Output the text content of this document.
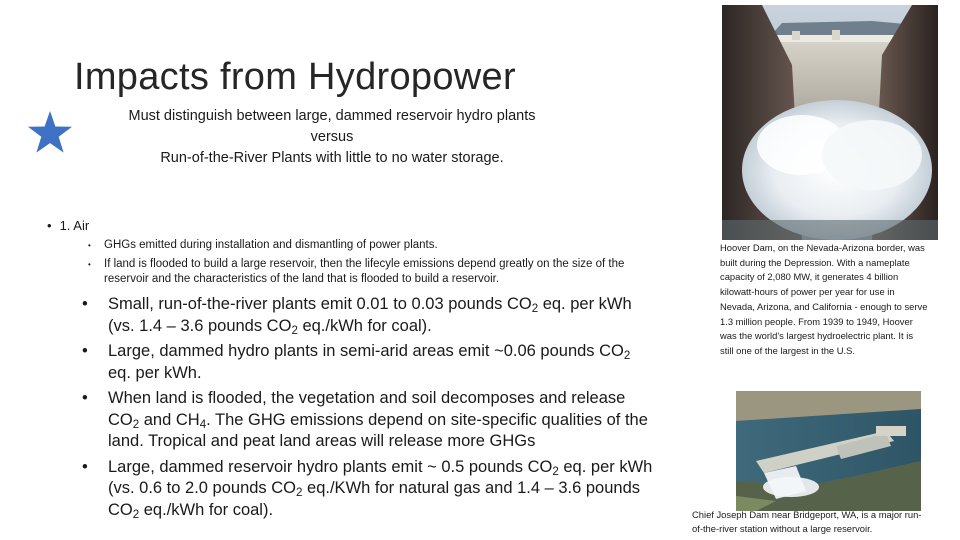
Impacts from Hydropower
Must distinguish between large, dammed reservoir hydro plants
versus
Run-of-the-River Plants with little to no water storage.
• 1. Air
• GHGs emitted during installation and dismantling of power plants.
• If land is flooded to build a large reservoir, then the lifecyle emissions depend greatly on the size of the reservoir and the characteristics of the land that is flooded to build a reservoir.
• Small, run-of-the-river plants emit 0.01 to 0.03 pounds $CO_2$ eq. per kWh (vs. 1.4 – 3.6 pounds $CO_2$ eq./kWh for coal).
• Large, dammed hydro plants in semi-arid areas emit ~0.06 pounds $CO_2$ eq. per kWh.
• When land is flooded, the vegetation and soil decomposes and release $CO_2$ and $CH_4$. The GHG emissions depend on site-specific qualities of the land. Tropical and peat land areas will release more GHGs
• Large, dammed reservoir hydro plants emit ~ 0.5 pounds $CO_2$ eq. per kWh (vs. 0.6 to 2.0 pounds $CO_2$ eq./KWh for natural gas and 1.4 – 3.6 pounds $CO_2$ eq./kWh for coal).
Hoover Dam, on the Nevada-Arizona border, was
built during the Depression. With a nameplate
capacity of 2,080 MW, it generates 4 billion
kilowatt-hours of power per year for use in
Nevada, Arizona, and California - enough to serve
1.3 million people. From 1939 to 1949, Hoover
was the world's largest hydroelectric plant. It is
still one of the largest in the U.S.
Chief Joseph Dam near Bridgeport, WA, is a major run-
of-the-river station without a large reservoir.
